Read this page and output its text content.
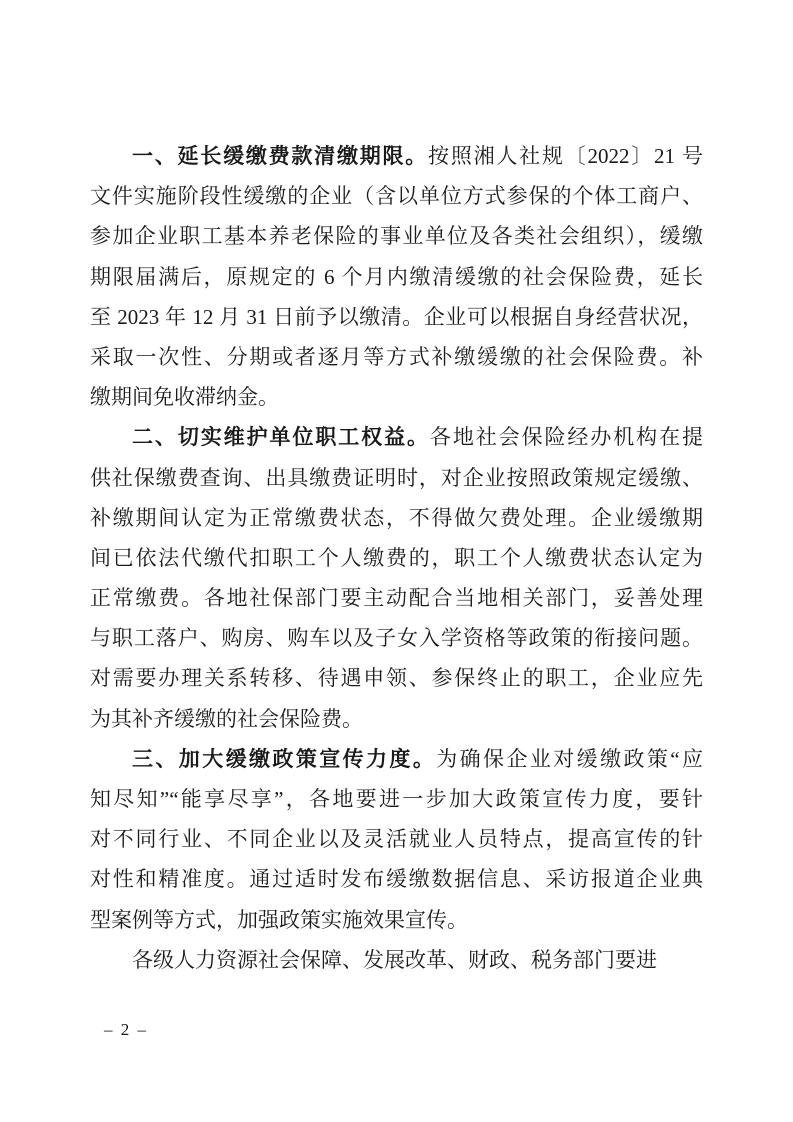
一、延长缓缴费款清缴期限。按照湘人社规〔2022〕21 号
文件实施阶段性缓缴的企业（含以单位方式参保的个体工商户、
参加企业职工基本养老保险的事业单位及各类社会组织），缓缴
期限届满后，原规定的 6 个月内缴清缓缴的社会保险费，延长
至 2023 年 12 月 31 日前予以缴清。企业可以根据自身经营状况，
采取一次性、分期或者逐月等方式补缴缓缴的社会保险费。补
缴期间免收滞纳金。
二、切实维护单位职工权益。各地社会保险经办机构在提
供社保缴费查询、出具缴费证明时，对企业按照政策规定缓缴、
补缴期间认定为正常缴费状态，不得做欠费处理。企业缓缴期
间已依法代缴代扣职工个人缴费的，职工个人缴费状态认定为
正常缴费。各地社保部门要主动配合当地相关部门，妥善处理
与职工落户、购房、购车以及子女入学资格等政策的衔接问题。
对需要办理关系转移、待遇申领、参保终止的职工，企业应先
为其补齐缓缴的社会保险费。
三、加大缓缴政策宣传力度。为确保企业对缓缴政策“应
知尽知”“能享尽享”，各地要进一步加大政策宣传力度，要针
对不同行业、不同企业以及灵活就业人员特点，提高宣传的针
对性和精准度。通过适时发布缓缴数据信息、采访报道企业典
型案例等方式，加强政策实施效果宣传。
各级人力资源社会保障、发展改革、财政、税务部门要进
– 2 –
